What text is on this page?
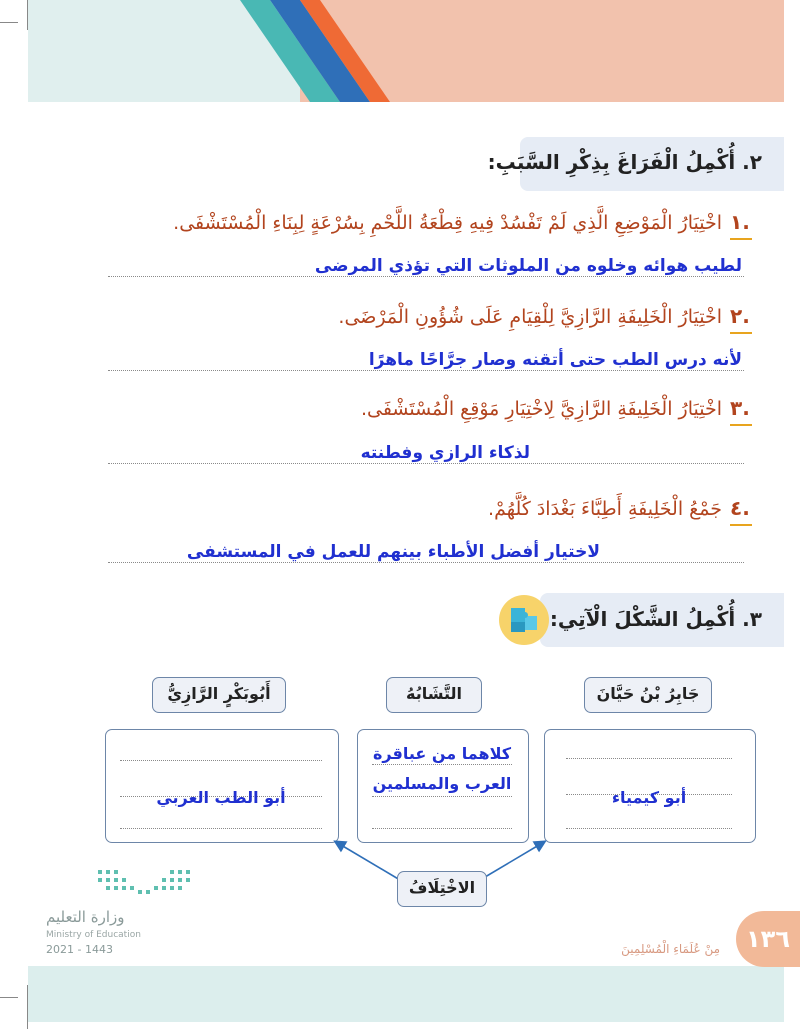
٢. أُكْمِلُ الْفَرَاغَ بِذِكْرِ السَّبَبِ:
١.
اخْتِيَارُ الْمَوْضِعِ الَّذِي لَمْ تَفْسُدْ فِيهِ قِطْعَةُ اللَّحْمِ بِسُرْعَةٍ لِبِنَاءِ الْمُسْتَشْفَى.
لطيب هوائه وخلوه من الملوثات التي تؤذي المرضى
٢.
اخْتِيَارُ الْخَلِيفَةِ الرَّازِيَّ لِلْقِيَامِ عَلَى شُؤُونِ الْمَرْضَى.
لأنه درس الطب حتى أتقنه وصار جرَّاحًا ماهرًا
٣.
اخْتِيَارُ الْخَلِيفَةِ الرَّازِيَّ لِاخْتِيَارِ مَوْقِعِ الْمُسْتَشْفَى.
لذكاء الرازي وفطنته
٤.
جَمْعُ الْخَلِيفَةِ أَطِبَّاءَ بَغْدَادَ كُلَّهُمْ.
لاختيار أفضل الأطباء بينهم للعمل في المستشفى
٣. أُكْمِلُ الشَّكْلَ الْآتِي:
جَابِرُ بْنُ حَيَّانَ
التَّشَابُهُ
أَبُوبَكْرٍ الرَّازِيُّ
أبو كيمياء
كلاهما من عباقرة
العرب والمسلمين
أبو الطب العربي
الاخْتِلَافُ
١٣٦
مِنْ عُلَمَاءِ الْمُسْلِمِينَ
وزارة التعليم
Ministry of Education
2021 - 1443
